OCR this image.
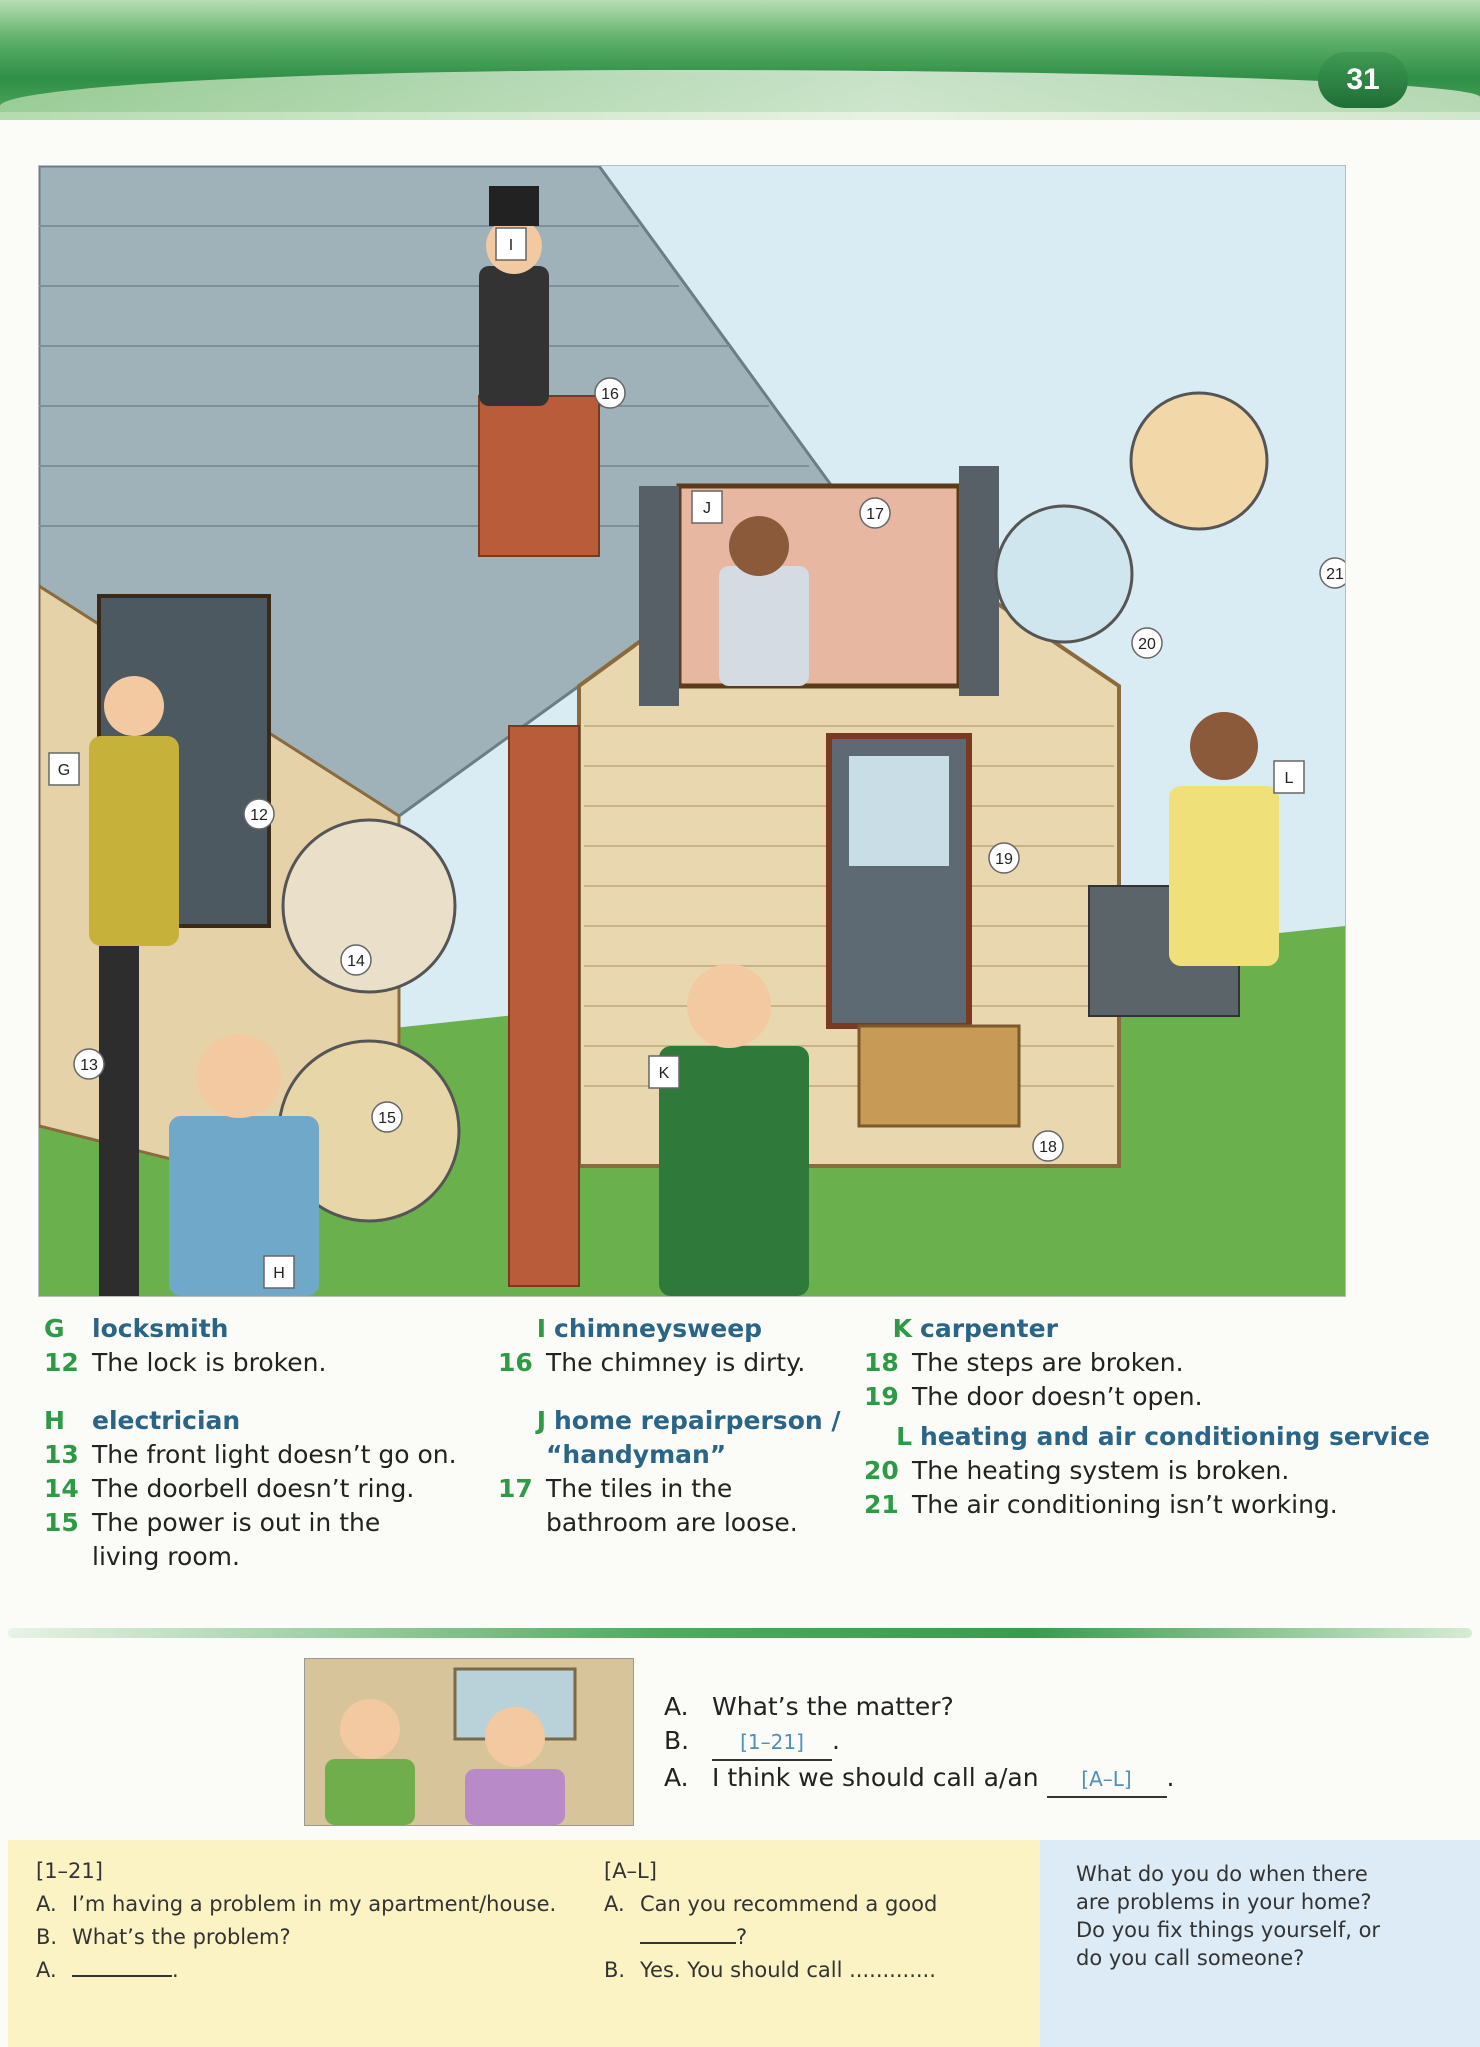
31
I
J
K
L
G
H
12
13
14
15
16
17
18
19
20
21
G	locksmith
12 The lock is broken.
H	electrician
13 The front light doesn’t go on.
14 The doorbell doesn’t ring.
15 The power is out in the
living room.
I chimneysweep
16 The chimney is dirty.
J home repairperson /
“handyman”
17 The tiles in the
bathroom are loose.
K carpenter
18 The steps are broken.
19 The door doesn’t open.
L heating and air conditioning service
20 The heating system is broken.
21 The air conditioning isn’t working.
A. What’s the matter?
B.	[1–21] .
A. I think we should call a/an [A–L] .
[1–21]
A. I’m having a problem in my apartment/house.
B. What’s the problem?
A.	.
[A–L]
A. Can you recommend a good
?
B. Yes. You should call .............
What do you do when there
are problems in your home?
Do you fix things yourself, or
do you call someone?
